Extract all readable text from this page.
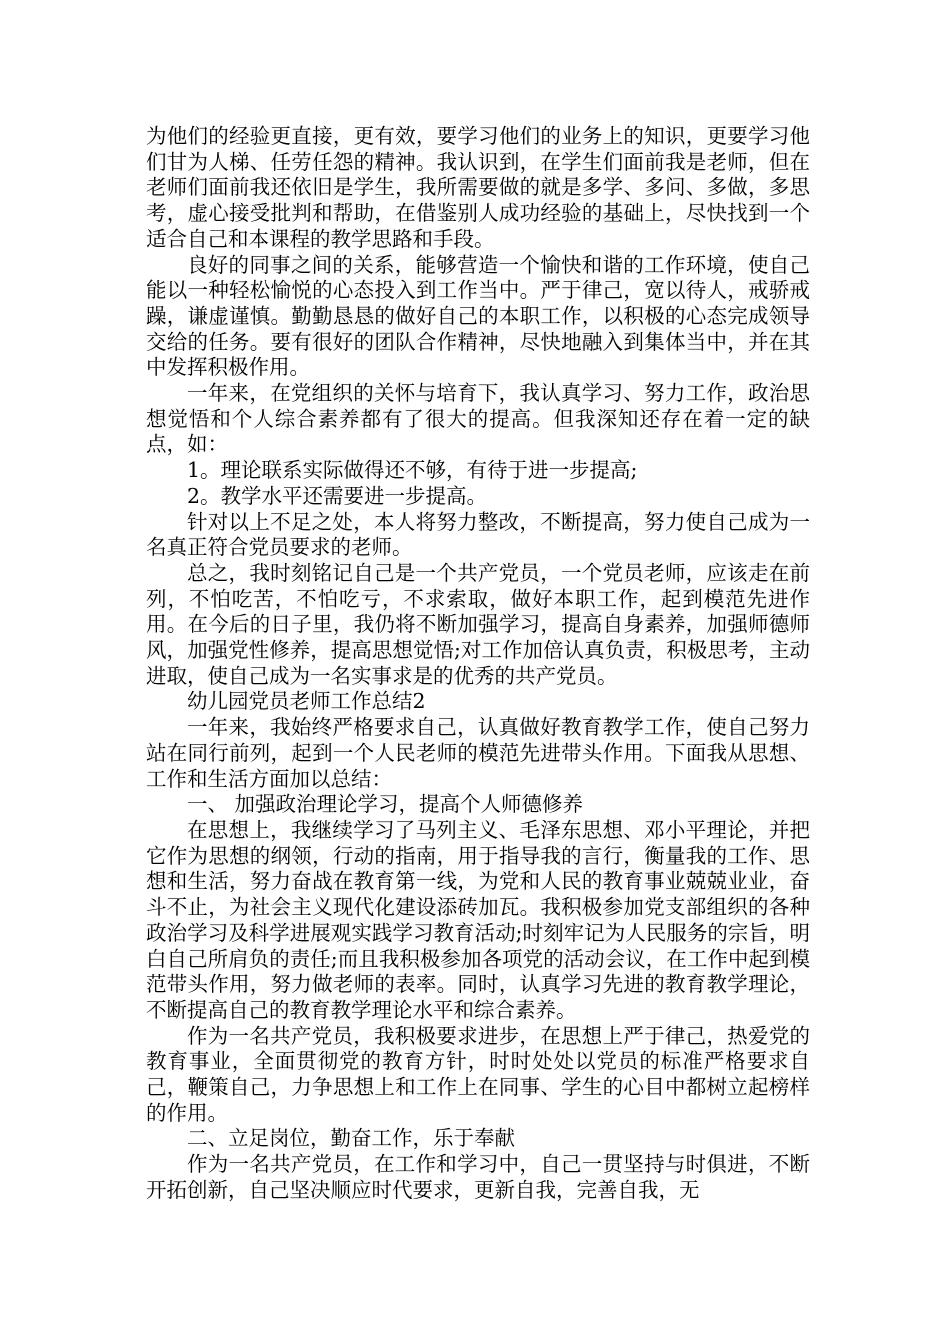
为他们的经验更直接，更有效，要学习他们的业务上的知识，更要学习他们甘为人梯、任劳任怨的精神。我认识到，在学生们面前我是老师，但在老师们面前我还依旧是学生，我所需要做的就是多学、多问、多做，多思考，虚心接受批判和帮助，在借鉴别人成功经验的基础上，尽快找到一个适合自己和本课程的教学思路和手段。

良好的同事之间的关系，能够营造一个愉快和谐的工作环境，使自己能以一种轻松愉悦的心态投入到工作当中。严于律己，宽以待人，戒骄戒躁，谦虚谨慎。勤勤恳恳的做好自己的本职工作，以积极的心态完成领导交给的任务。要有很好的团队合作精神，尽快地融入到集体当中，并在其中发挥积极作用。

一年来，在党组织的关怀与培育下，我认真学习、努力工作，政治思想觉悟和个人综合素养都有了很大的提高。但我深知还存在着一定的缺点，如：

1。理论联系实际做得还不够，有待于进一步提高;

2。教学水平还需要进一步提高。

针对以上不足之处，本人将努力整改，不断提高，努力使自己成为一名真正符合党员要求的老师。

总之，我时刻铭记自己是一个共产党员，一个党员老师，应该走在前列，不怕吃苦，不怕吃亏，不求索取，做好本职工作，起到模范先进作用。在今后的日子里，我仍将不断加强学习，提高自身素养，加强师德师风，加强党性修养，提高思想觉悟;对工作加倍认真负责，积极思考，主动进取，使自己成为一名实事求是的优秀的共产党员。

幼儿园党员老师工作总结2

一年来，我始终严格要求自己，认真做好教育教学工作，使自己努力站在同行前列，起到一个人民老师的模范先进带头作用。下面我从思想、工作和生活方面加以总结：

一、 加强政治理论学习，提高个人师德修养

在思想上，我继续学习了马列主义、毛泽东思想、邓小平理论，并把它作为思想的纲领，行动的指南，用于指导我的言行，衡量我的工作、思想和生活，努力奋战在教育第一线，为党和人民的教育事业兢兢业业，奋斗不止，为社会主义现代化建设添砖加瓦。我积极参加党支部组织的各种政治学习及科学进展观实践学习教育活动;时刻牢记为人民服务的宗旨，明白自己所肩负的责任;而且我积极参加各项党的活动会议，在工作中起到模范带头作用，努力做老师的表率。同时，认真学习先进的教育教学理论，不断提高自己的教育教学理论水平和综合素养。

作为一名共产党员，我积极要求进步，在思想上严于律己，热爱党的教育事业，全面贯彻党的教育方针，时时处处以党员的标准严格要求自己，鞭策自己，力争思想上和工作上在同事、学生的心目中都树立起榜样的作用。

二、立足岗位，勤奋工作，乐于奉献

作为一名共产党员，在工作和学习中，自己一贯坚持与时俱进，不断开拓创新，自己坚决顺应时代要求，更新自我，完善自我，无
